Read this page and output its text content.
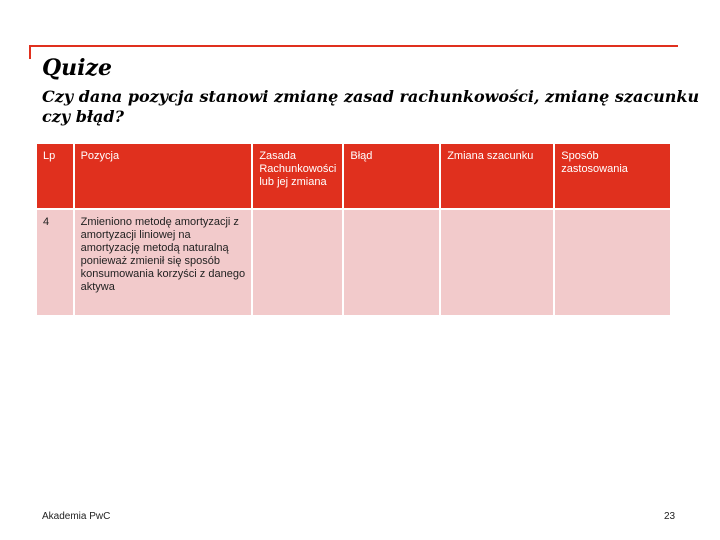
Quize

Czy dana pozycja stanowi zmianę zasad rachunkowości, zmianę szacunku czy błąd?

Lp	Pozycja	Zasada Rachunkowości lub jej zmiana	Błąd	Zmiana szacunku	Sposób zastosowania
4	Zmieniono metodę amortyzacji z amortyzacji liniowej na amortyzację metodą naturalną ponieważ zmienił się sposób konsumowania korzyści z danego aktywa				
Akademia PwC	23
